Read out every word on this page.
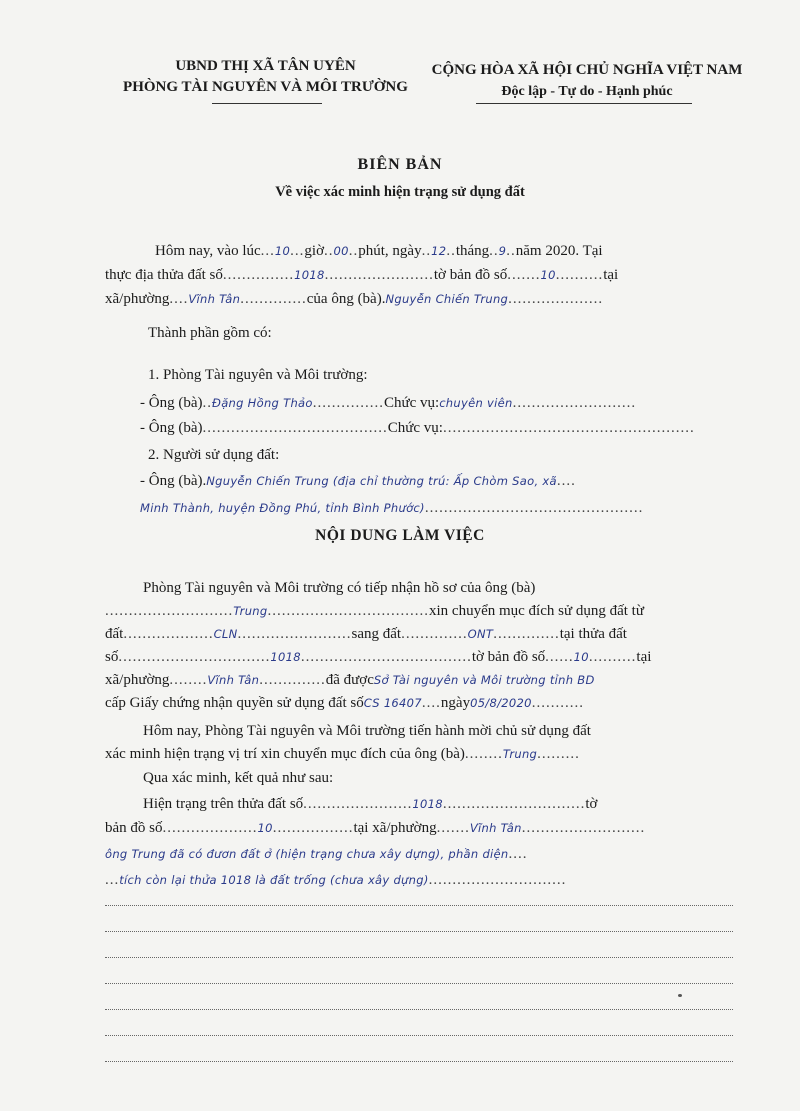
UBND THỊ XÃ TÂN UYÊN
PHÒNG TÀI NGUYÊN VÀ MÔI TRƯỜNG
CỘNG HÒA XÃ HỘI CHỦ NGHĨA VIỆT NAM
Độc lập - Tự do - Hạnh phúc
BIÊN BẢN
Về việc xác minh hiện trạng sử dụng đất
Hôm nay, vào lúc...10...giờ..00..phút, ngày..12..tháng..9..năm 2020. Tại
thực địa thửa đất số...............1018.......................tờ bản đồ số.......10..........tại
xã/phường....Vĩnh Tân..............của ông (bà).Nguyễn Chiến Trung....................
Thành phần gồm có:
1. Phòng Tài nguyên và Môi trường:
- Ông (bà)..Đặng Hồng Thảo...............Chức vụ:chuyên viên..........................
- Ông (bà).......................................Chức vụ:.....................................................
2. Người sử dụng đất:
- Ông (bà).Nguyễn Chiến Trung (địa chỉ thường trú: Ấp Chòm Sao, xã....
Minh Thành, huyện Đồng Phú, tỉnh Bình Phước)..............................................
NỘI DUNG LÀM VIỆC
Phòng Tài nguyên và Môi trường có tiếp nhận hồ sơ của ông (bà)
...........................Trung..................................xin chuyển mục đích sử dụng đất từ
đất...................CLN........................sang đất..............ONT..............tại thửa đất
số................................1018....................................tờ bản đồ số......10..........tại
xã/phường........Vĩnh Tân..............đã đượcSở Tài nguyên và Môi trường tỉnh BD
cấp Giấy chứng nhận quyền sử dụng đất sốCS 16407....ngày05/8/2020...........
Hôm nay, Phòng Tài nguyên và Môi trường tiến hành mời chủ sử dụng đất
xác minh hiện trạng vị trí xin chuyển mục đích của ông (bà)........Trung.........
Qua xác minh, kết quả như sau:
Hiện trạng trên thửa đất số.......................1018..............................tờ
bản đồ số....................10.................tại xã/phường.......Vĩnh Tân..........................
ông Trung đã có đươn đất ở (hiện trạng chưa xây dựng), phần diện....
...tích còn lại thửa 1018 là đất trống (chưa xây dựng).............................
